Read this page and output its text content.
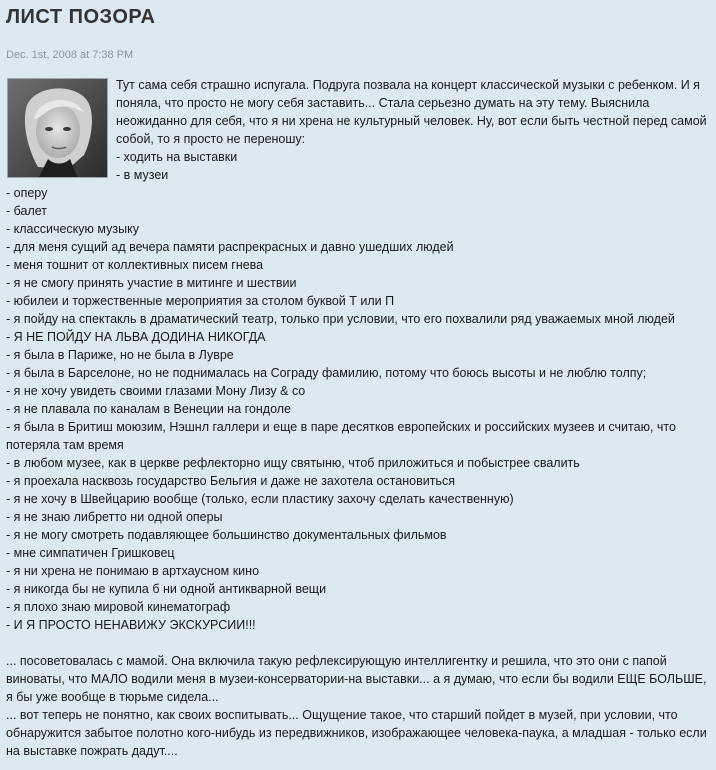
ЛИСТ ПОЗОРА
Dec. 1st, 2008 at 7:38 PM
Тут сама себя страшно испугала. Подруга позвала на концерт классической музыки с ребенком. И я поняла, что просто не могу себя заставить... Стала серьезно думать на эту тему. Выяснила неожиданно для себя, что я ни хрена не культурный человек. Ну, вот если быть честной перед самой собой, то я просто не переношу:
- ходить на выставки
- в музеи
- оперу
- балет
- классическую музыку
- для меня сущий ад вечера памяти распрекрасных и давно ушедших людей
- меня тошнит от коллективных писем гнева
- я не смогу принять участие в митинге и шествии
- юбилеи и торжественные мероприятия за столом буквой Т или П
- я пойду на спектакль в драматический театр, только при условии, что его похвалили ряд уважаемых мной людей
- Я НЕ ПОЙДУ НА ЛЬВА ДОДИНА НИКОГДА
- я была в Париже, но не была в Лувре
- я была в Барселоне, но не поднималась на Сограду фамилию, потому что боюсь высоты и не люблю толпу;
- я не хочу увидеть своими глазами Мону Лизу & co
- я не плавала по каналам в Венеции на гондоле
- я была в Бритиш моюзим, Нэшнл галлери и еще в паре десятков европейских и российских музеев и считаю, что потеряла там время
- в любом музее, как в церкве рефлекторно ищу святыню, чтоб приложиться и побыстрее свалить
- я проехала насквозь государство Бельгия и даже не захотела остановиться
- я не хочу в Швейцарию вообще (только, если пластику захочу сделать качественную)
- я не знаю либретто ни одной оперы
- я не могу смотреть подавляющее большинство документальных фильмов
- мне симпатичен Гришковец
- я ни хрена не понимаю в артхаусном кино
- я никогда бы не купила б ни одной антикварной вещи
- я плохо знаю мировой кинематограф
- И Я ПРОСТО НЕНАВИЖУ ЭКСКУРСИИ!!!
... посоветовалась с мамой. Она включила такую рефлексирующую интеллигентку и решила, что это они с папой виноваты, что МАЛО водили меня в музеи-консерватории-на выставки... а я думаю, что если бы водили ЕЩЕ БОЛЬШЕ, я бы уже вообще в тюрьме сидела...
... вот теперь не понятно, как своих воспитывать... Ощущение такое, что старший пойдет в музей, при условии, что обнаружится забытое полотно кого-нибудь из передвижников, изображающее человека-паука, а младшая - только если на выставке пожрать дадут....
